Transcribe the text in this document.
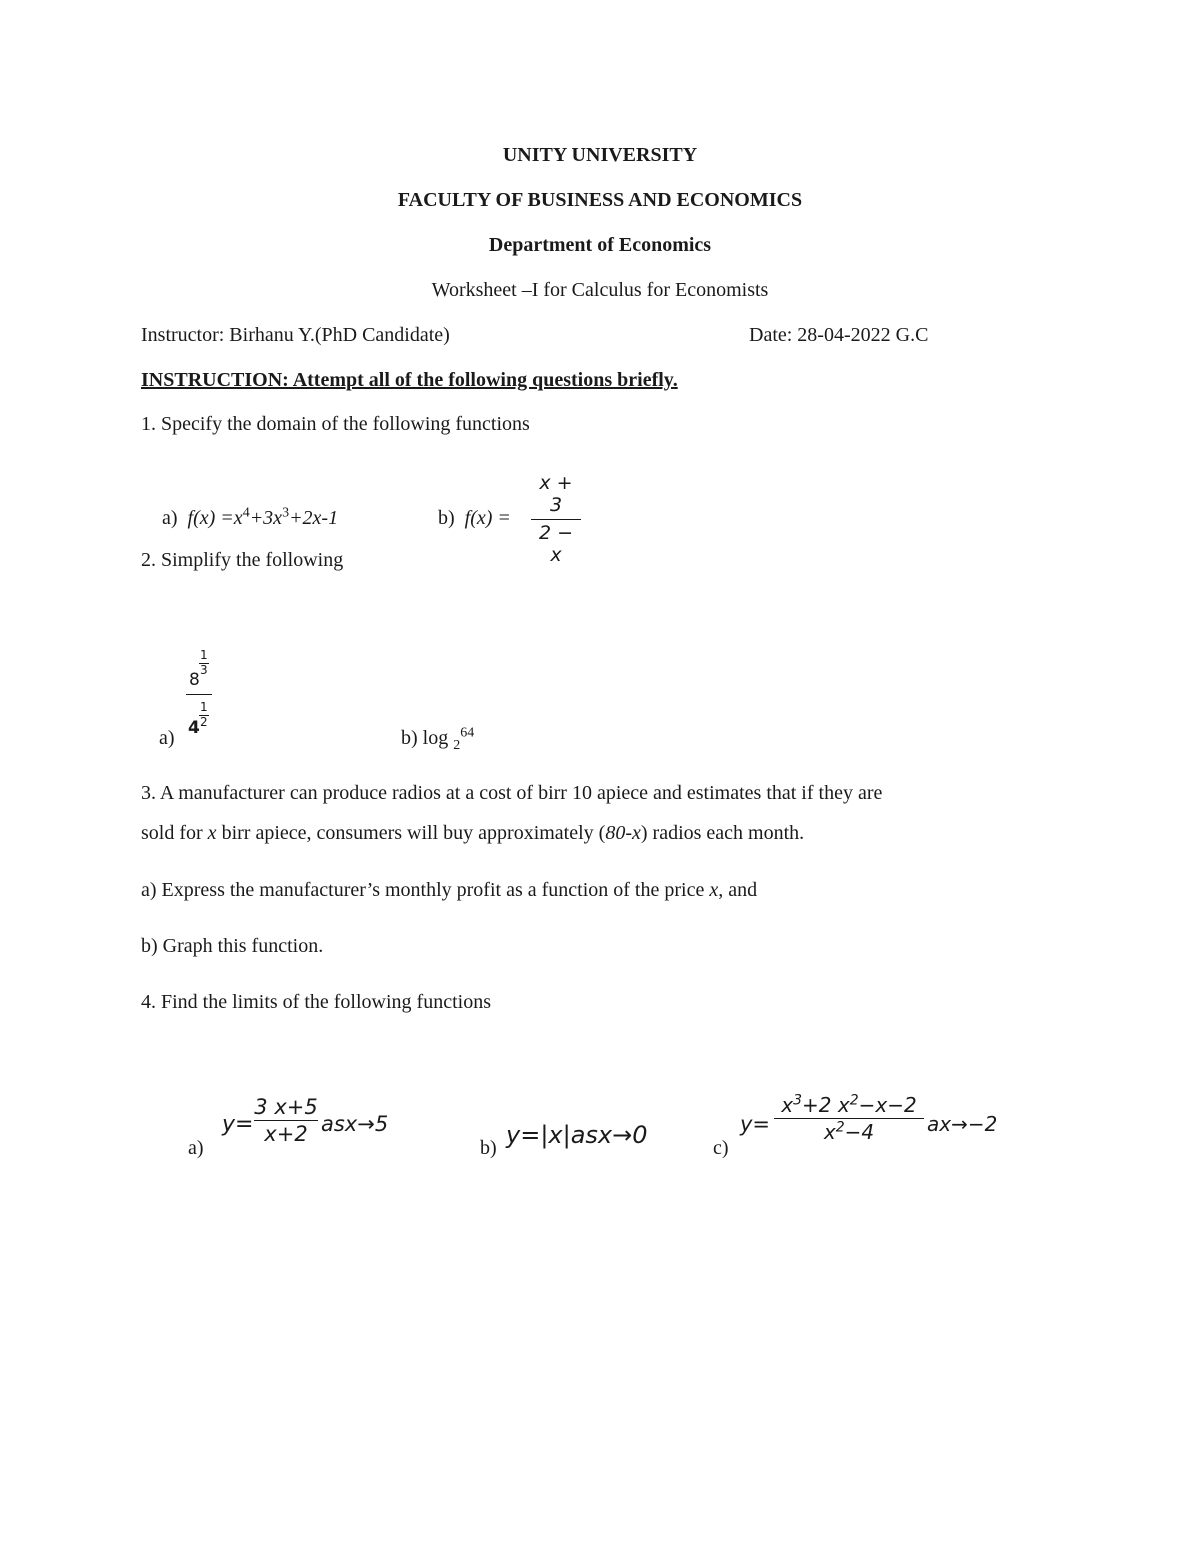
UNITY UNIVERSITY
FACULTY OF BUSINESS AND ECONOMICS
Department of Economics
Worksheet –I for Calculus for Economists
Instructor: Birhanu Y.(PhD Candidate)	Date: 28-04-2022 G.C
INSTRUCTION: Attempt all of the following questions briefly.
1. Specify the domain of the following functions
a) $f(x) =x^4+3x^3+2x-1$	b) f(x) =
x + 3
2 − x
2. Simplify the following
a)
8
1
3
1
2
4	b) log $_2^{64}$
3. A manufacturer can produce radios at a cost of birr 10 apiece and estimates that if they are
sold for x birr apiece, consumers will buy approximately (80-x) radios each month.
a) Express the manufacturer’s monthly profit as a function of the price x, and
b) Graph this function.
4. Find the limits of the following functions
a)
y=
3 x+5
x+2 asx→5
b) y=|x|asx→0	c)
y=
$x^3+2$ $x^2-x-2$
$x^2-4$	ax→−2
